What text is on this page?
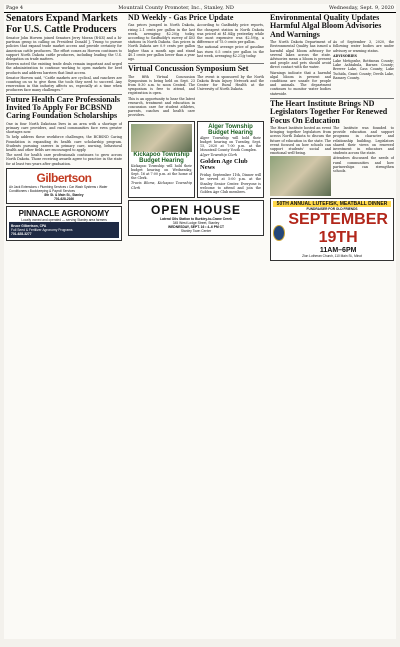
Page 4	Mountrail County Promoter, Inc., Stanley, ND	Wednesday, Sept. 9, 2020
Senators Expand Markets For U.S. Cattle Producers

Senator John Hoeven joined Senators Jerry Moran (R-KS) and a bi-partisan group in calling on President Donald J. Trump to pursue policies that expand trade market access and provide certainty for American cattle producers. The effort comes as Hoeven continues to support North Dakota cattle producers, including leading the U.S. delegation on trade matters.

Hoeven noted the existing trade deals remain important and urged the administration to continue working to open markets for beef products and address barriers that limit access.

Senator Hoeven said, "Cattle markets are cyclical, and ranchers are counting on us to give them the tools they need to succeed. Any reservation in this industry affects us, especially at a time when producers face many challenges."

Future Health Care Professionals Invited To Apply For BCBSND Caring Foundation Scholarships

One in four North Dakotans lives in an area with a shortage of primary care providers, and rural communities face even greater shortages now.

To help address these workforce challenges, the BCBSND Caring Foundation is expanding its health care scholarship program. Students pursuing careers in primary care, nursing, behavioral health and other fields are encouraged to apply.

The need for health care professionals continues to grow across North Dakota. Those receiving awards agree to practice in the state for at least two years after graduation.

Gilbertson
Air Jack Extensions • Plumbing Services • Car Wash Systems • Water Conditioners • Bookkeeping & Payroll Services
8th St. & Main St., Stanley
701-628-2166
PINNACLE AGRONOMY
Locally owned and operated — serving Stanley area farmers
Bruce Gilbertson, CPA
Full Seed & Fertilizer Agronomy Programs
701-628-3277
ND Weekly - Gas Price Update

Gas prices jumped in North Dakota, rising 2.1 cents per gallon in the last week, averaging $2.20/g today, according to GasBuddy's survey of 403 stations in North Dakota. Gas prices in North Dakota are 0.9 cents per gallon higher than a month ago and stand 40.1 cents per gallon lower than a year ago.

According to GasBuddy price reports, the cheapest station in North Dakota was priced at $1.84/g yesterday while the most expensive was $2.59/g, a difference of 75.0 cents per gallon.

The national average price of gasoline has risen 0.5 cents per gallon in the last week, averaging $2.21/g today.

Virtual Concussion Symposium Set

The fifth Virtual Concussion Symposium is being held on Sept. 23 from 8:30 a.m. to noon Central. The symposium is free to attend, and registration is open.

This is an opportunity to hear the latest research, treatment and education in concussion care for student athletes, parents, coaches and health care providers.

The event is sponsored by the North Dakota Brain Injury Network and the Center for Rural Health at the University of North Dakota.

Kickapoo Township Budget Hearing

Kickapoo Township will hold their budget hearing on Wednesday, Sept. 16 at 7:00 p.m. at the home of the Clerk.

Travis Bloms, Kickapoo Township Clerk

Alger Township Budget Hearing

Alger Township will hold their budget hearing on Tuesday, Sept. 15, 2020 at 7:00 p.m. at the Mountrail County Youth Complex.

Alger Township Clerk

Golden Age Club News

Friday, September 11th, Dinner will be served at 5:00 p.m. at the Stanley Senior Center. Everyone is welcome to attend and join the Golden Age Club members.

OPEN HOUSE
Lateral Oils Station to Burkley-to-Crane Creek
345 West Lodge Street, Stanley
WEDNESDAY, SEPT. 16 • 4–6 PM CT
Stanley Town Center
Environmental Quality Updates Harmful Algal Bloom Advisories And Warnings

The North Dakota Department of Environmental Quality has issued a harmful algal bloom advisory for several lakes across the state. Advisories mean a bloom is present and people and pets should avoid direct contact with the water.

Warnings indicate that a harmful algal bloom is present and conditions are unsafe for people and animals. The department continues to monitor water bodies statewide.

As of September 3, 2020, the following water bodies are under advisory or warning status.

ADVISORIES

Lake Metigoshe, Bottineau County; Lake Ashtabula, Barnes County; Brewer Lake, Cass County; Lake Tschida, Grant County; Devils Lake, Ramsey County.

The Heart Institute Brings ND Legislators Together For Renewed Focus On Education

The Heart Institute hosted an event bringing together legislators from across North Dakota to discuss the future of education in the state. The event focused on how schools can support students' social and emotional well-being.

The Institute was founded to provide education and support programs in character and relationship building. Legislators shared their views on renewed investment in educators and students across the state.

Attendees discussed the needs of rural communities and how partnerships can strengthen schools.

50TH ANNUAL LUTEFISK, MEATBALL DINNER
FUNDRAISER FOR OLD FRIENDS
SEPTEMBER 19TH
11AM–6PM
Zion Lutheran Church, 110 Main St., Minot
